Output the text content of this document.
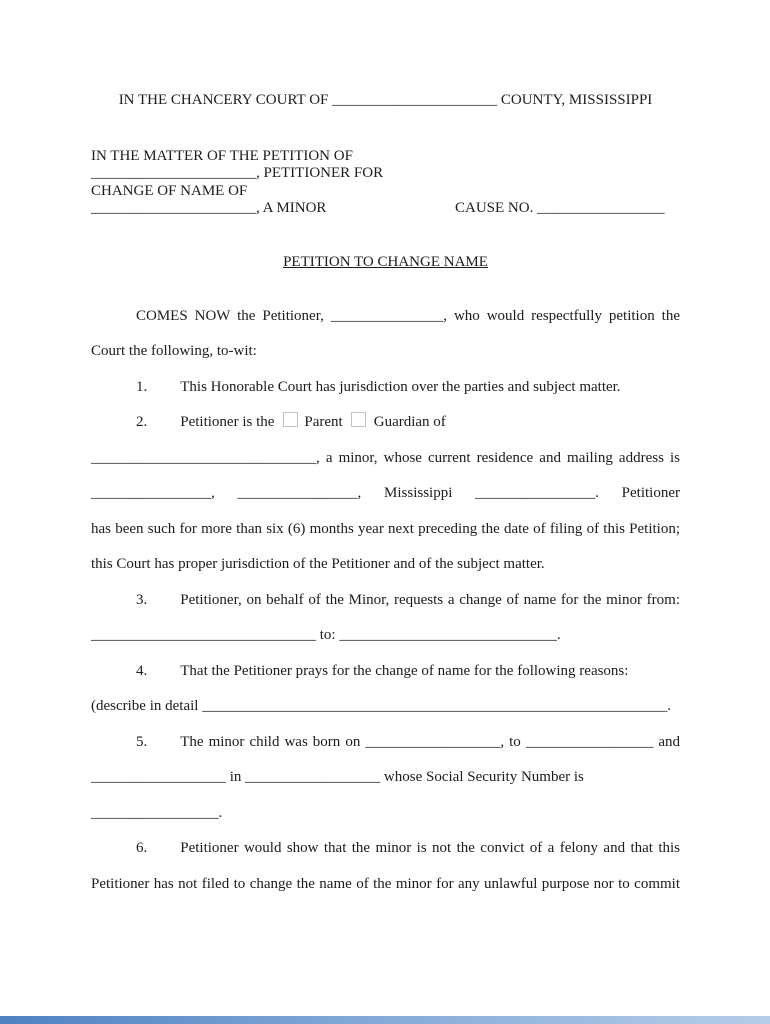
IN THE CHANCERY COURT OF ______________________ COUNTY, MISSISSIPPI
IN THE MATTER OF THE PETITION OF
______________________, PETITIONER FOR
CHANGE OF NAME OF
______________________, A MINOR	CAUSE NO. _________________
PETITION TO CHANGE NAME
COMES NOW the Petitioner, _______________, who would respectfully petition the
Court the following, to-wit:
1. This Honorable Court has jurisdiction over the parties and subject matter.
2. Petitioner is the Parent Guardian of
______________________________, a minor, whose current residence and mailing address is
________________, ________________, Mississippi ________________. Petitioner
has been such for more than six (6) months year next preceding the date of filing of this Petition;
this Court has proper jurisdiction of the Petitioner and of the subject matter.
3. Petitioner, on behalf of the Minor, requests a change of name for the minor from:
______________________________ to: _____________________________.
4. That the Petitioner prays for the change of name for the following reasons:
(describe in detail ______________________________________________________________.
5. The minor child was born on __________________, to _________________ and
__________________ in __________________ whose Social Security Number is
_________________.
6. Petitioner would show that the minor is not the convict of a felony and that this
Petitioner has not filed to change the name of the minor for any unlawful purpose nor to commit
